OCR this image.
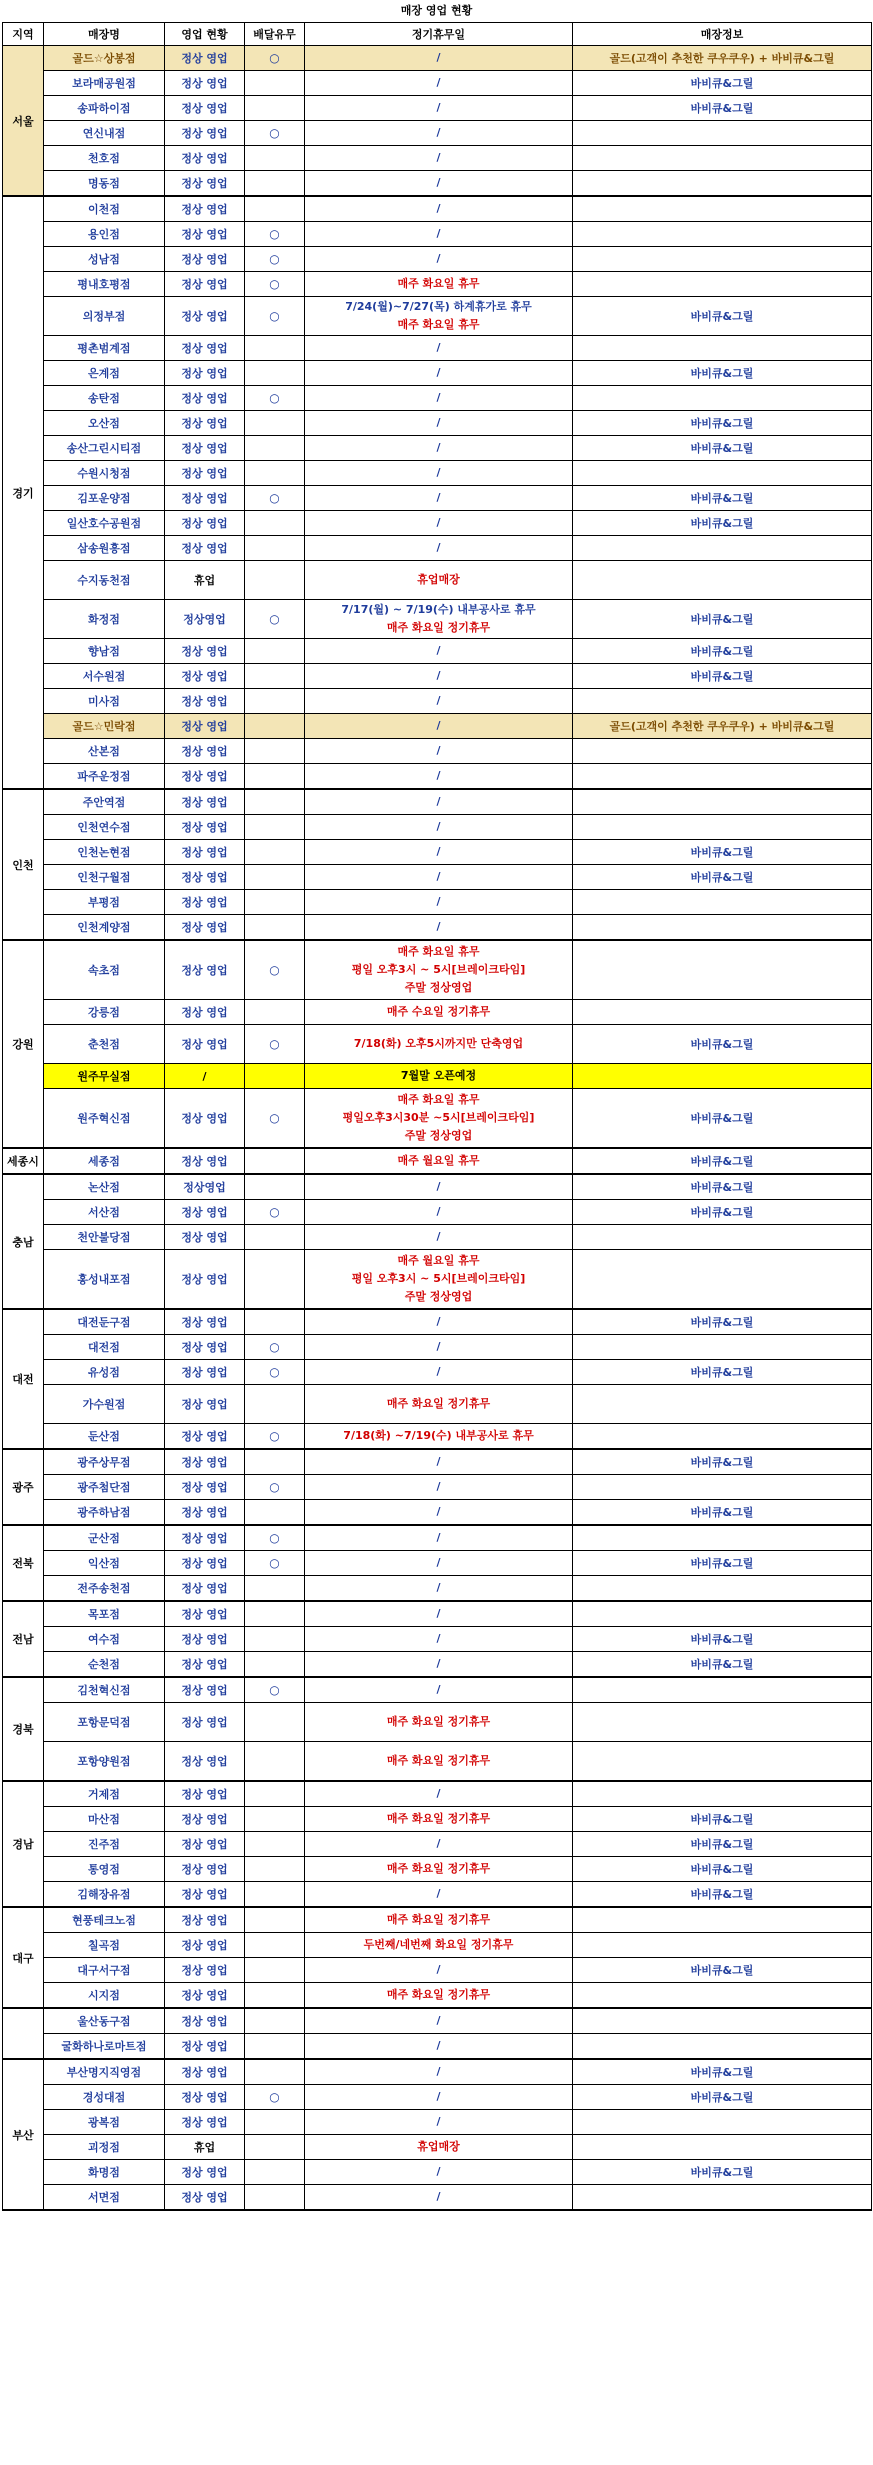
매장 영업 현황
지역	매장명	영업 현황	배달유무	정기휴무일	매장정보
서울	골드☆상봉점	정상 영업	○	/	골드(고객이 추천한 쿠우쿠우) + 바비큐&그릴
	보라매공원점	정상 영업		/	바비큐&그릴
	송파하이점	정상 영업		/	바비큐&그릴
	연신내점	정상 영업	○	/	

	천호점	정상 영업		/	

	명동점	정상 영업		/	

경기	이천점	정상 영업		/	

	용인점	정상 영업	○	/	

	성남점	정상 영업	○	/	

	평내호평점	정상 영업	○	매주 화요일 휴무	

	의정부점	정상 영업	○	7/24(월)~7/27(목) 하계휴가로 휴무
매주 화요일 휴무	바비큐&그릴
	평촌범계점	정상 영업		/	

	은계점	정상 영업		/	바비큐&그릴
	송탄점	정상 영업	○	/	

	오산점	정상 영업		/	바비큐&그릴
	송산그린시티점	정상 영업		/	바비큐&그릴
	수원시청점	정상 영업		/	

	김포운양점	정상 영업	○	/	바비큐&그릴
	일산호수공원점	정상 영업		/	바비큐&그릴
	삼송원흥점	정상 영업		/	

	수지동천점	휴업		휴업매장	

	화정점	정상영업	○	7/17(월) ~ 7/19(수) 내부공사로 휴무
매주 화요일 정기휴무	바비큐&그릴
	향남점	정상 영업		/	바비큐&그릴
	서수원점	정상 영업		/	바비큐&그릴
	미사점	정상 영업		/	

	골드☆민락점	정상 영업		/	골드(고객이 추천한 쿠우쿠우) + 바비큐&그릴
	산본점	정상 영업		/	

	파주운정점	정상 영업		/	

인천	주안역점	정상 영업		/	

	인천연수점	정상 영업		/	

	인천논현점	정상 영업		/	바비큐&그릴
	인천구월점	정상 영업		/	바비큐&그릴
	부평점	정상 영업		/	

	인천계양점	정상 영업		/	

강원	속초점	정상 영업	○	매주 화요일 휴무
평일 오후3시 ~ 5시[브레이크타임]
주말 정상영업	

	강릉점	정상 영업		매주 수요일 정기휴무	

	춘천점	정상 영업	○	7/18(화) 오후5시까지만 단축영업	바비큐&그릴
	원주무실점	/		7월말 오픈예정	

	원주혁신점	정상 영업	○	매주 화요일 휴무
평일오후3시30분 ~5시[브레이크타임]
주말 정상영업	바비큐&그릴
세종시	세종점	정상 영업		매주 월요일 휴무	바비큐&그릴
충남	논산점	정상영업		/	바비큐&그릴
	서산점	정상 영업	○	/	바비큐&그릴
	천안불당점	정상 영업		/	

	홍성내포점	정상 영업		매주 월요일 휴무
평일 오후3시 ~ 5시[브레이크타임]
주말 정상영업	

대전	대전둔구점	정상 영업		/	바비큐&그릴
	대전점	정상 영업	○	/	

	유성점	정상 영업	○	/	바비큐&그릴
	가수원점	정상 영업		매주 화요일 정기휴무	

	둔산점	정상 영업	○	7/18(화) ~7/19(수) 내부공사로 휴무	

광주	광주상무점	정상 영업		/	바비큐&그릴
	광주첨단점	정상 영업	○	/	

	광주하남점	정상 영업		/	바비큐&그릴
전북	군산점	정상 영업	○	/	

	익산점	정상 영업	○	/	바비큐&그릴
	전주송천점	정상 영업		/	

전남	목포점	정상 영업		/	

	여수점	정상 영업		/	바비큐&그릴
	순천점	정상 영업		/	바비큐&그릴
경북	김천혁신점	정상 영업	○	/	

	포항문덕점	정상 영업		매주 화요일 정기휴무	

	포항양원점	정상 영업		매주 화요일 정기휴무	

경남	거제점	정상 영업		/	

	마산점	정상 영업		매주 화요일 정기휴무	바비큐&그릴
	진주점	정상 영업		/	바비큐&그릴
	통영점	정상 영업		매주 화요일 정기휴무	바비큐&그릴
	김해장유점	정상 영업		/	바비큐&그릴
대구	현풍테크노점	정상 영업		매주 화요일 정기휴무	

	칠곡점	정상 영업		두번째/네번째 화요일 정기휴무	

	대구서구점	정상 영업		/	바비큐&그릴
	시지점	정상 영업		매주 화요일 정기휴무	

	울산동구점	정상 영업		/	

	굴화하나로마트점	정상 영업		/	

부산	부산명지직영점	정상 영업		/	바비큐&그릴
	경성대점	정상 영업	○	/	바비큐&그릴
	광복점	정상 영업		/	

	괴정점	휴업		휴업매장	

	화명점	정상 영업		/	바비큐&그릴
	서면점	정상 영업		/	
